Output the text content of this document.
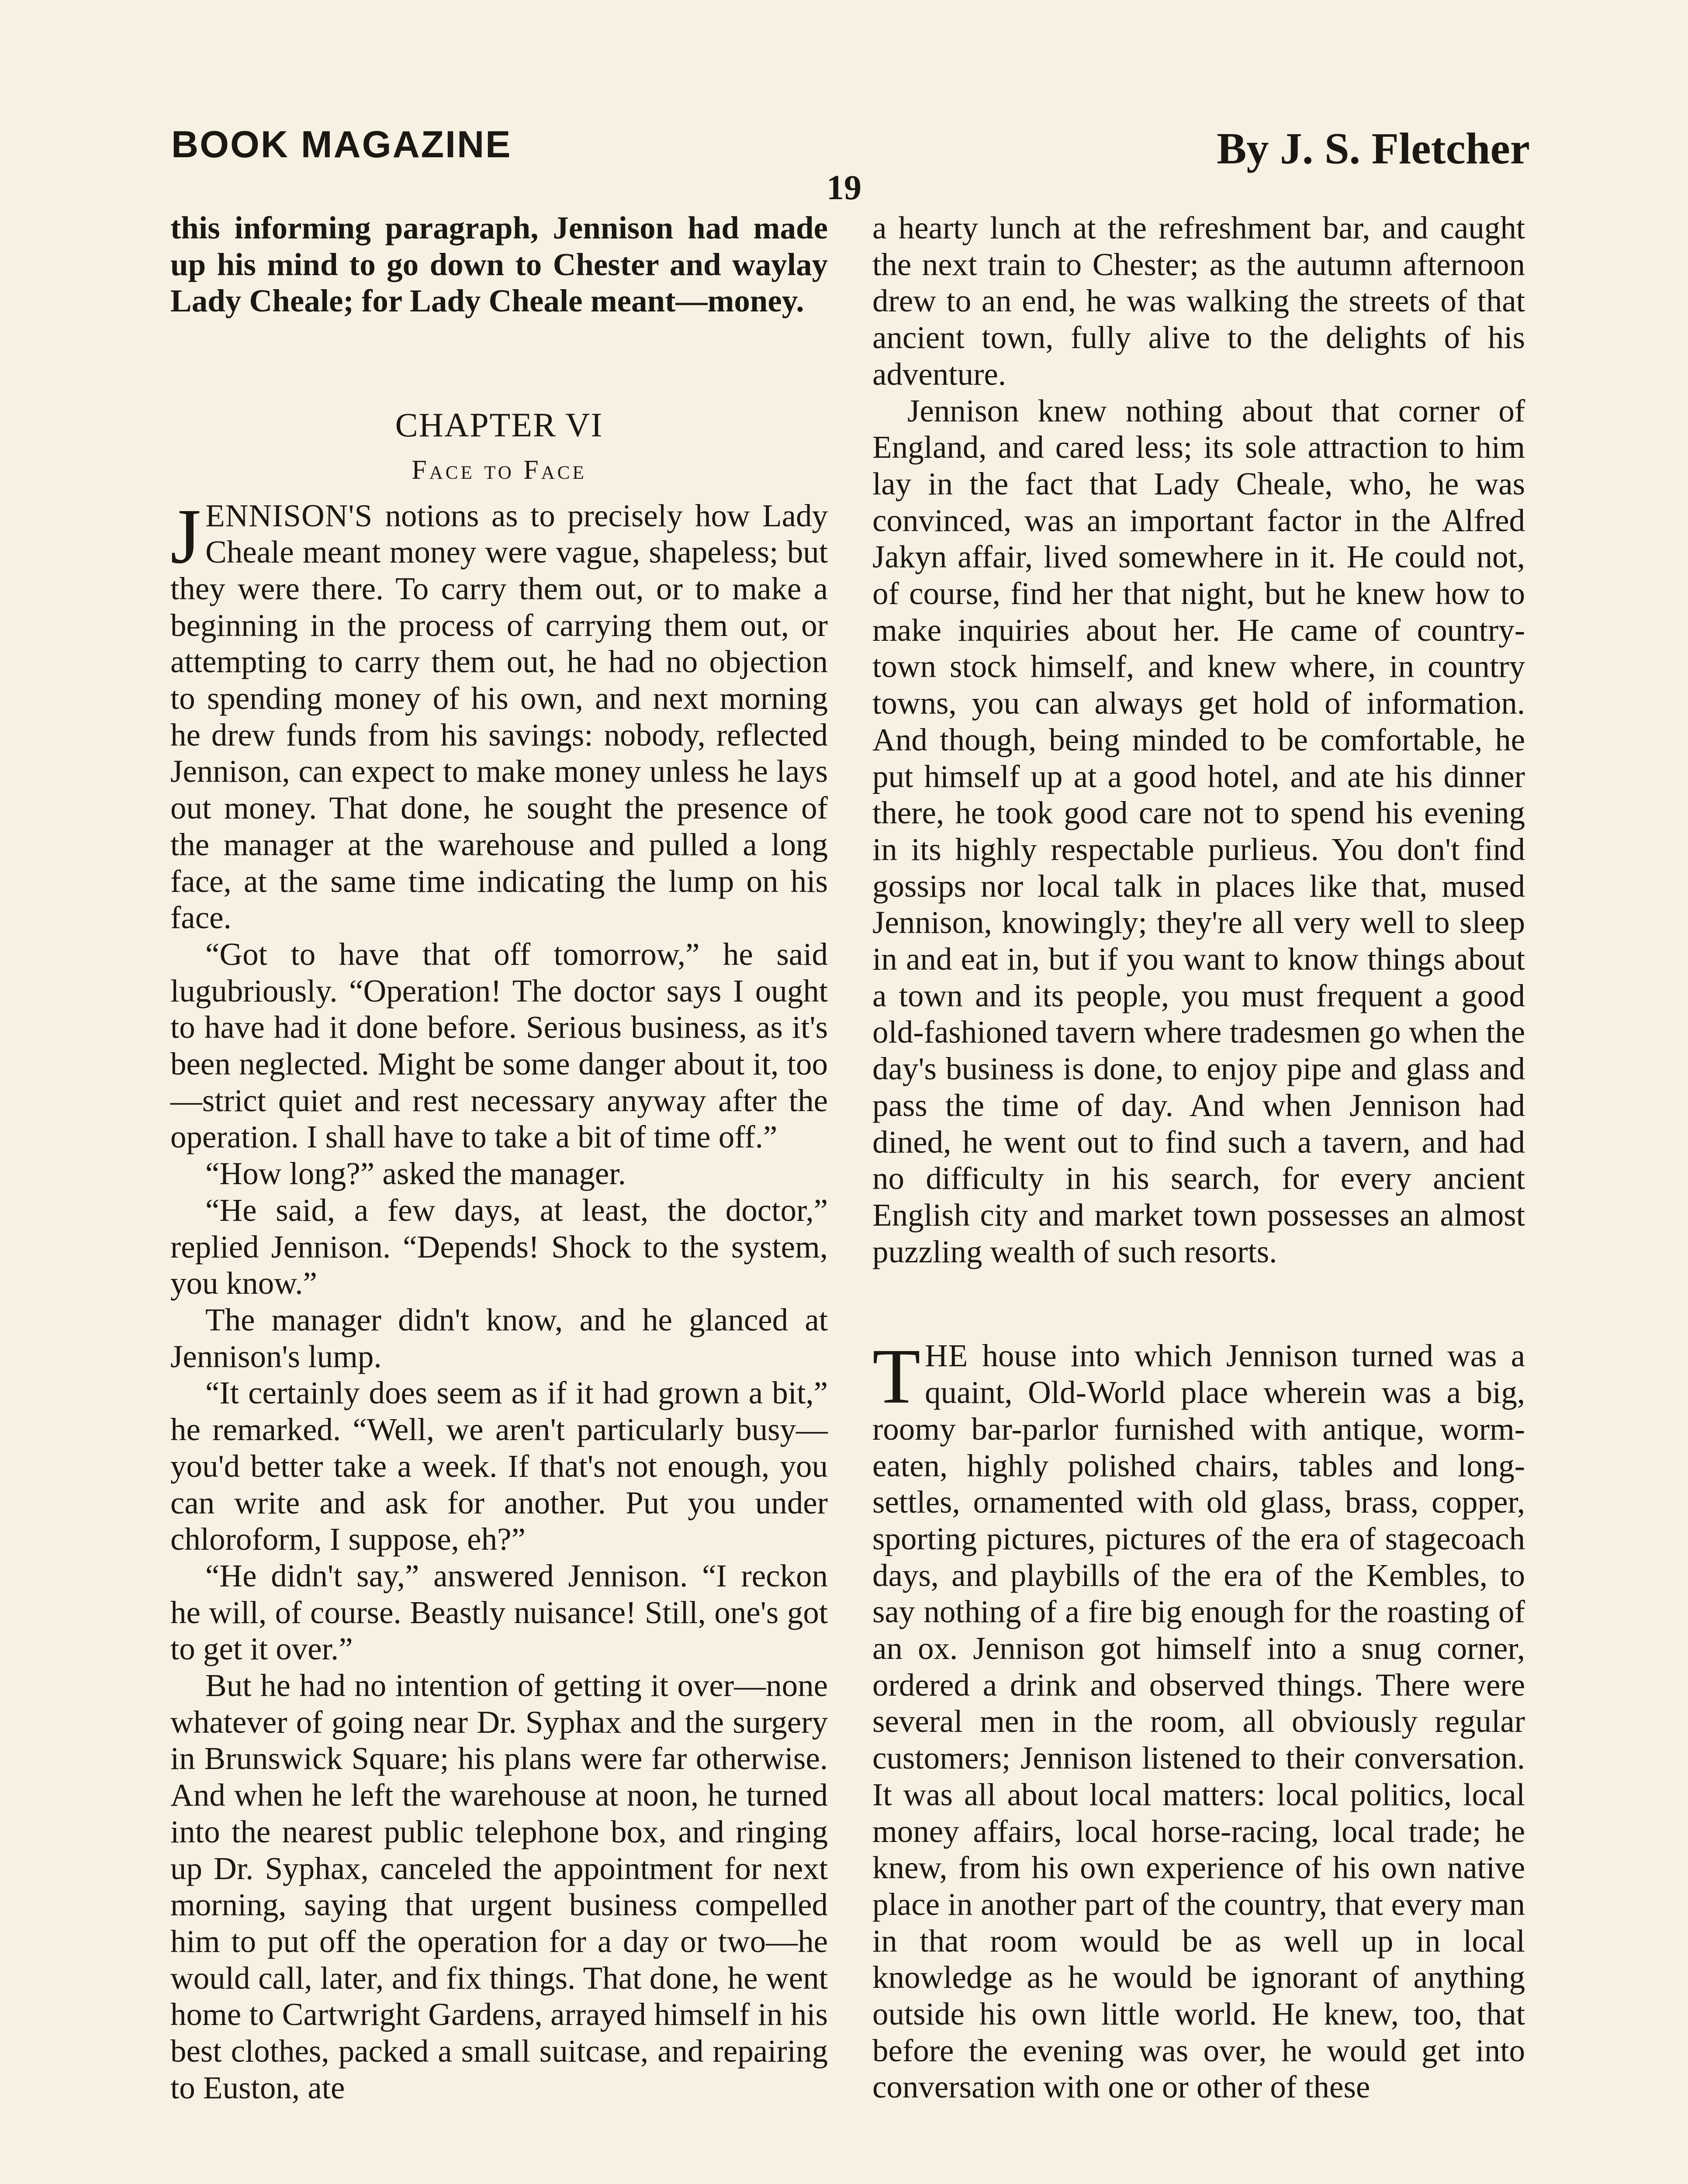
BOOK MAGAZINE	By J. S. Fletcher
19

this informing paragraph, Jennison had made up his mind to go down to Chester and waylay Lady Cheale; for Lady Cheale meant—money.

CHAPTER VI
Face to Face

JENNISON'S notions as to precisely how Lady Cheale meant money were vague, shapeless; but they were there. To carry them out, or to make a beginning in the process of carrying them out, or attempting to carry them out, he had no objection to spending money of his own, and next morning he drew funds from his savings: nobody, reflected Jennison, can expect to make money unless he lays out money. That done, he sought the presence of the manager at the warehouse and pulled a long face, at the same time indicating the lump on his face.

“Got to have that off tomorrow,” he said lugubriously. “Operation! The doctor says I ought to have had it done before. Serious business, as it's been neglected. Might be some danger about it, too—strict quiet and rest necessary anyway after the operation. I shall have to take a bit of time off.”

“How long?” asked the manager.

“He said, a few days, at least, the doctor,” replied Jennison. “Depends! Shock to the system, you know.”

The manager didn't know, and he glanced at Jennison's lump.

“It certainly does seem as if it had grown a bit,” he remarked. “Well, we aren't particularly busy—you'd better take a week. If that's not enough, you can write and ask for another. Put you under chloroform, I suppose, eh?”

“He didn't say,” answered Jennison. “I reckon he will, of course. Beastly nuisance! Still, one's got to get it over.”

But he had no intention of getting it over—none whatever of going near Dr. Syphax and the surgery in Brunswick Square; his plans were far otherwise. And when he left the warehouse at noon, he turned into the nearest public telephone box, and ringing up Dr. Syphax, canceled the appointment for next morning, saying that urgent business compelled him to put off the operation for a day or two—he would call, later, and fix things. That done, he went home to Cartwright Gardens, arrayed himself in his best clothes, packed a small suitcase, and repairing to Euston, ate

a hearty lunch at the refreshment bar, and caught the next train to Chester; as the autumn afternoon drew to an end, he was walking the streets of that ancient town, fully alive to the delights of his adventure.

Jennison knew nothing about that corner of England, and cared less; its sole attraction to him lay in the fact that Lady Cheale, who, he was convinced, was an important factor in the Alfred Jakyn affair, lived somewhere in it. He could not, of course, find her that night, but he knew how to make inquiries about her. He came of country-town stock himself, and knew where, in country towns, you can always get hold of information. And though, being minded to be comfortable, he put himself up at a good hotel, and ate his dinner there, he took good care not to spend his evening in its highly respectable purlieus. You don't find gossips nor local talk in places like that, mused Jennison, knowingly; they're all very well to sleep in and eat in, but if you want to know things about a town and its people, you must frequent a good old-fashioned tavern where tradesmen go when the day's business is done, to enjoy pipe and glass and pass the time of day. And when Jennison had dined, he went out to find such a tavern, and had no difficulty in his search, for every ancient English city and market town possesses an almost puzzling wealth of such resorts.

THE house into which Jennison turned was a quaint, Old-World place wherein was a big, roomy bar-parlor furnished with antique, worm-eaten, highly polished chairs, tables and long-settles, ornamented with old glass, brass, copper, sporting pictures, pictures of the era of stagecoach days, and playbills of the era of the Kembles, to say nothing of a fire big enough for the roasting of an ox. Jennison got himself into a snug corner, ordered a drink and observed things. There were several men in the room, all obviously regular customers; Jennison listened to their conversation. It was all about local matters: local politics, local money affairs, local horse-racing, local trade; he knew, from his own experience of his own native place in another part of the country, that every man in that room would be as well up in local knowledge as he would be ignorant of anything outside his own little world. He knew, too, that before the evening was over, he would get into conversation with one or other of these
